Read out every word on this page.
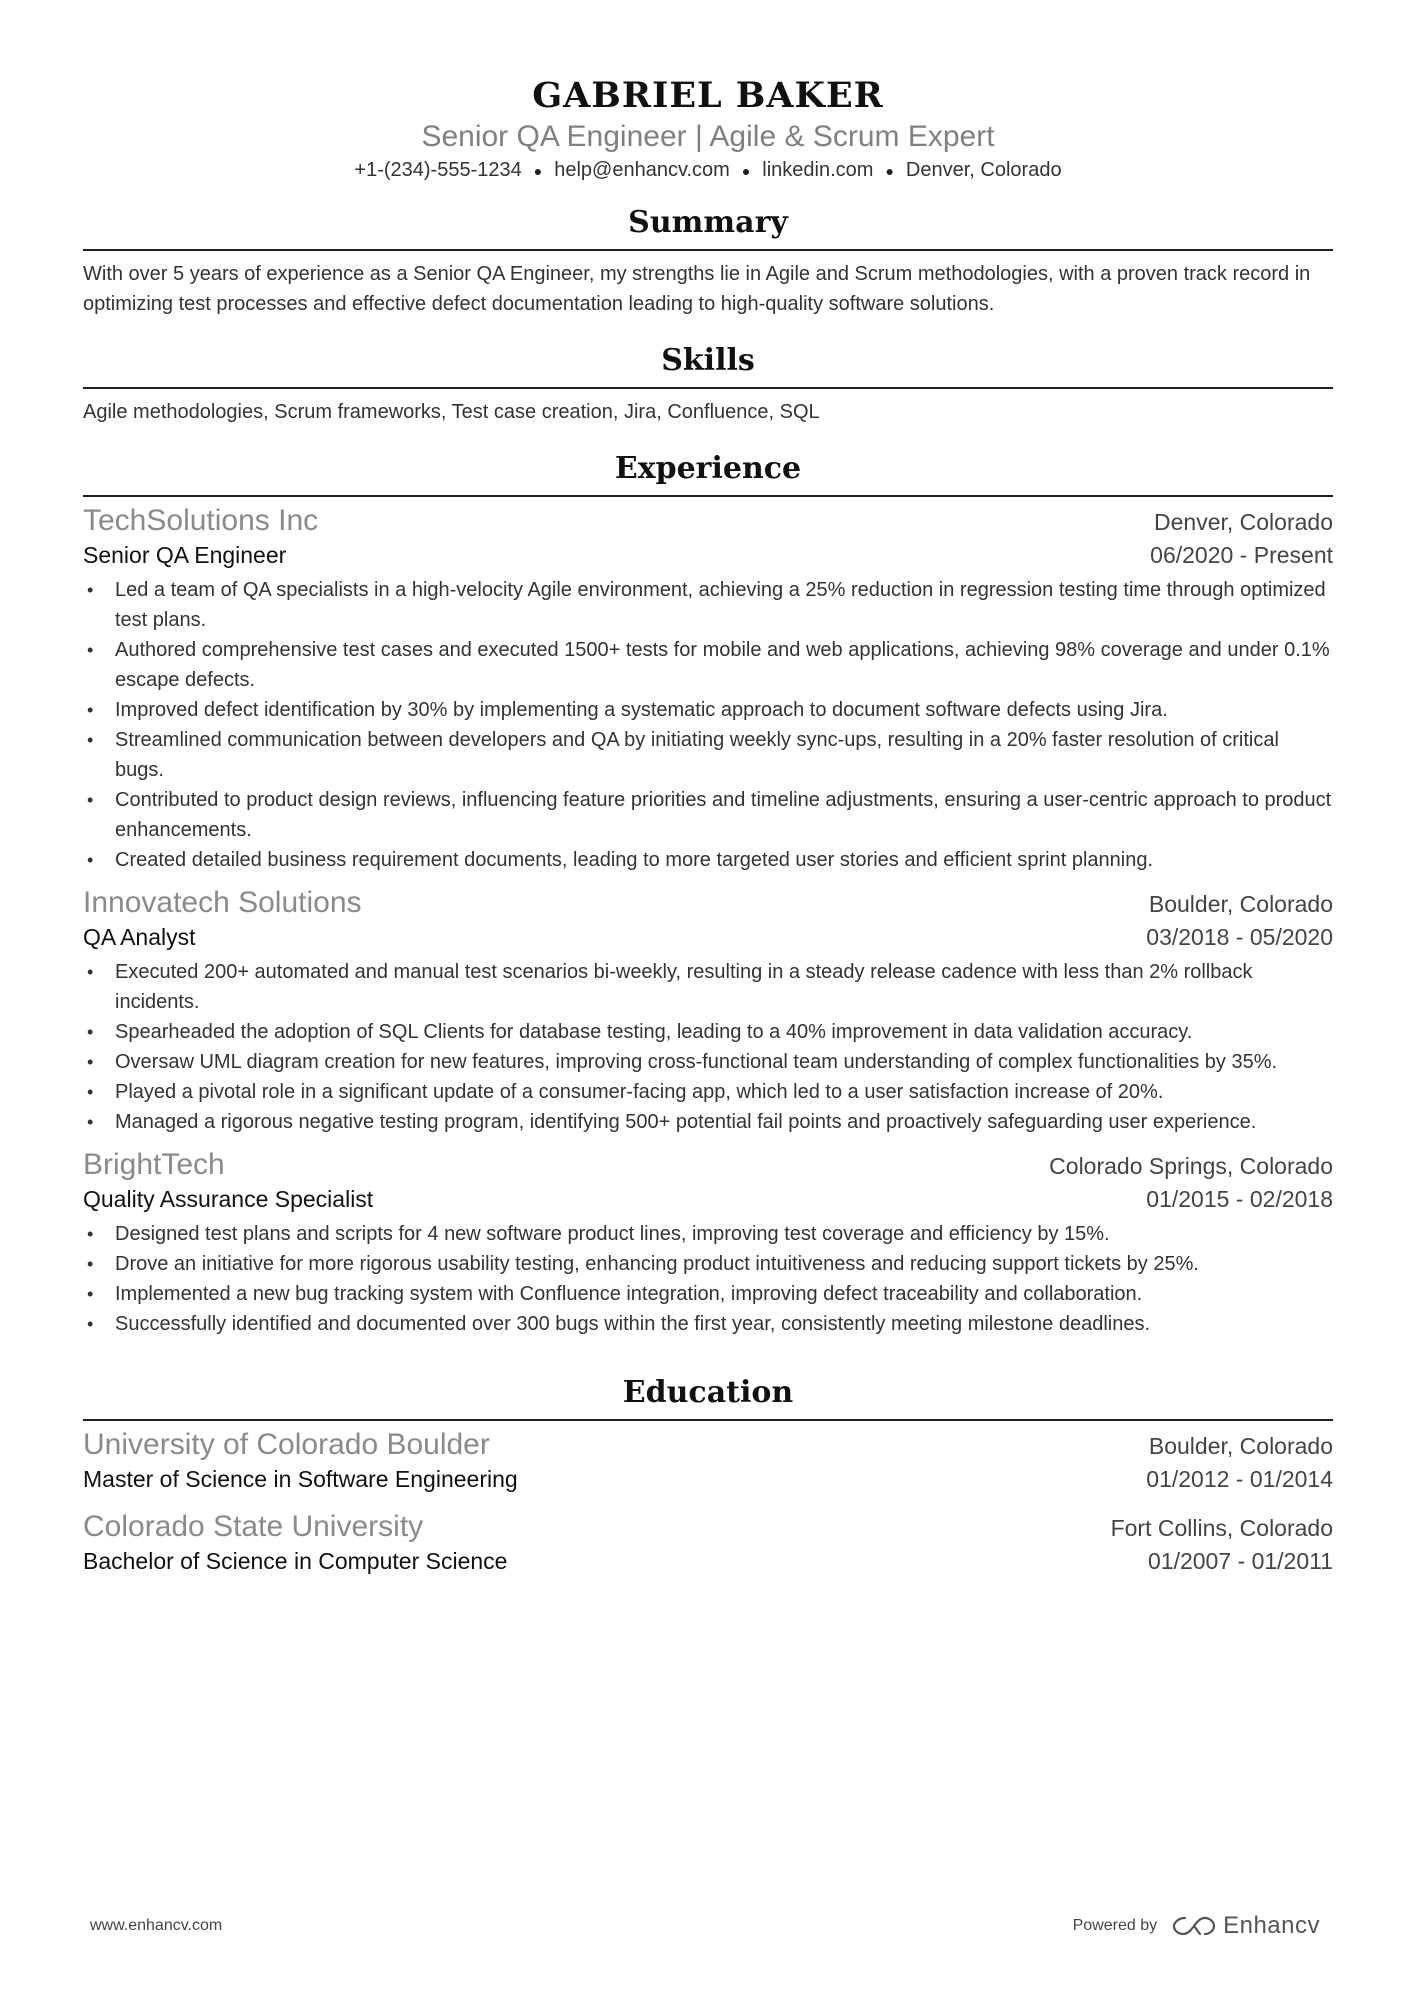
GABRIEL BAKER
Senior QA Engineer | Agile & Scrum Expert
+1-(234)-555-1234 ● help@enhancv.com ● linkedin.com ● Denver, Colorado
Summary
With over 5 years of experience as a Senior QA Engineer, my strengths lie in Agile and Scrum methodologies, with a proven track record in optimizing test processes and effective defect documentation leading to high-quality software solutions.
Skills
Agile methodologies, Scrum frameworks, Test case creation, Jira, Confluence, SQL
Experience
TechSolutions Inc	Denver, Colorado
Senior QA Engineer	06/2020 - Present
• Led a team of QA specialists in a high-velocity Agile environment, achieving a 25% reduction in regression testing time through optimized test plans.
• Authored comprehensive test cases and executed 1500+ tests for mobile and web applications, achieving 98% coverage and under 0.1% escape defects.
• Improved defect identification by 30% by implementing a systematic approach to document software defects using Jira.
• Streamlined communication between developers and QA by initiating weekly sync-ups, resulting in a 20% faster resolution of critical bugs.
• Contributed to product design reviews, influencing feature priorities and timeline adjustments, ensuring a user-centric approach to product enhancements.
• Created detailed business requirement documents, leading to more targeted user stories and efficient sprint planning.
Innovatech Solutions	Boulder, Colorado
QA Analyst	03/2018 - 05/2020
• Executed 200+ automated and manual test scenarios bi-weekly, resulting in a steady release cadence with less than 2% rollback incidents.
• Spearheaded the adoption of SQL Clients for database testing, leading to a 40% improvement in data validation accuracy.
• Oversaw UML diagram creation for new features, improving cross-functional team understanding of complex functionalities by 35%.
• Played a pivotal role in a significant update of a consumer-facing app, which led to a user satisfaction increase of 20%.
• Managed a rigorous negative testing program, identifying 500+ potential fail points and proactively safeguarding user experience.
BrightTech	Colorado Springs, Colorado
Quality Assurance Specialist	01/2015 - 02/2018
• Designed test plans and scripts for 4 new software product lines, improving test coverage and efficiency by 15%.
• Drove an initiative for more rigorous usability testing, enhancing product intuitiveness and reducing support tickets by 25%.
• Implemented a new bug tracking system with Confluence integration, improving defect traceability and collaboration.
• Successfully identified and documented over 300 bugs within the first year, consistently meeting milestone deadlines.
Education
University of Colorado Boulder	Boulder, Colorado
Master of Science in Software Engineering	01/2012 - 01/2014
Colorado State University	Fort Collins, Colorado
Bachelor of Science in Computer Science	01/2007 - 01/2011
www.enhancv.com	Powered by	Enhancv
